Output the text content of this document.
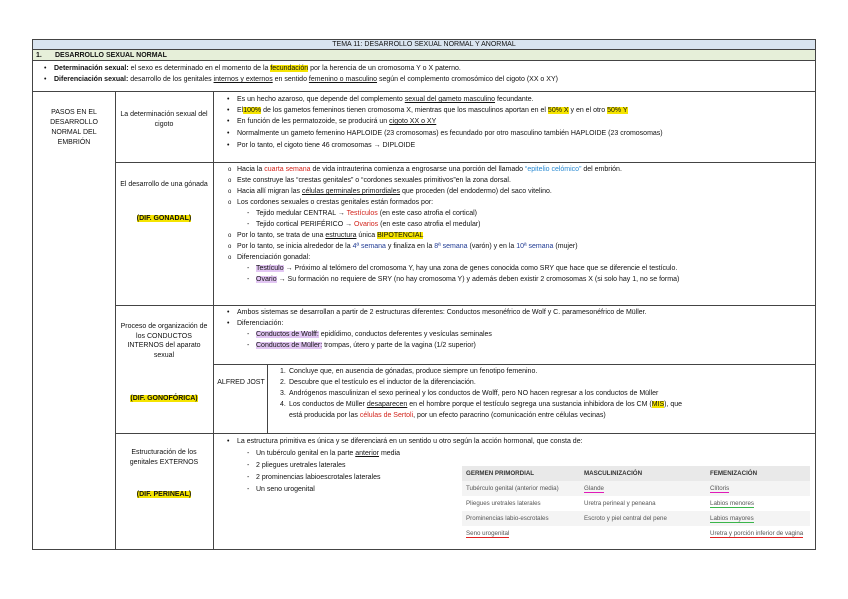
TEMA 11: DESARROLLO SEXUAL NORMAL Y ANORMAL
1. DESARROLLO SEXUAL NORMAL
• Determinación sexual: el sexo es determinado en el momento de la fecundación por la herencia de un cromosoma Y o X paterno.
• Diferenciación sexual: desarrollo de los genitales internos y externos en sentido femenino o masculino según el complemento cromosómico del cigoto (XX o XY)
PASOS EN EL DESARROLLO NORMAL DEL EMBRIÓN
La determinación sexual del cigoto
• Es un hecho azaroso, que depende del complemento sexual del gameto masculino fecundante.
• El100% de los gametos femeninos tienen cromosoma X, mientras que los masculinos aportan en el 50% X y en el otro 50% Y
• En función de les permatozoide, se producirá un cigoto XX o XY
• Normalmente un gameto femenino HAPLOIDE (23 cromosomas) es fecundado por otro masculino también HAPLOIDE (23 cromosomas)
• Por lo tanto, el cigoto tiene 46 cromosomas → DIPLOIDE
El desarrollo de una gónada
(DIF. GONADAL)
o Hacia la cuarta semana de vida intrauterina comienza a engrosarse una porción del llamado “epitelio celómico” del embrión.
o Este construye las “crestas genitales” o “cordones sexuales primitivos”en la zona dorsal.
o Hacia allí migran las células germinales primordiales que proceden (del endodermo) del saco vitelino.
o Los cordones sexuales o crestas genitales están formados por:
- Tejido medular CENTRAL → Testículos (en este caso atrofia el cortical)
- Tejido cortical PERIFÉRICO → Ovarios (en este caso atrofia el medular)
o Por lo tanto, se trata de una estructura única BIPOTENCIAL
o Por lo tanto, se inicia alrededor de la 4ª semana y finaliza en la 8ª semana (varón) y en la 10ª semana (mujer)
o Diferenciación gonadal:
- Testículo → Próximo al telómero del cromosoma Y, hay una zona de genes conocida como SRY que hace que se diferencie el testículo.
- Ovario → Su formación no requiere de SRY (no hay cromosoma Y) y además deben existir 2 cromosomas X (si solo hay 1, no se forma)
Proceso de organización de los CONDUCTOS INTERNOS del aparato sexual
(DIF. GONOFÓRICA)
• Ambos sistemas se desarrollan a partir de 2 estructuras diferentes: Conductos mesonéfrico de Wolf y C. paramesonéfrico de Müller.
• Diferenciación:
- Conductos de Wolff: epidídimo, conductos deferentes y vesículas seminales
- Conductos de Müller: trompas, útero y parte de la vagina (1/2 superior)
ALFRED JOST
1. Concluye que, en ausencia de gónadas, produce siempre un fenotipo femenino.
2. Descubre que el testículo es el inductor de la diferenciación.
3. Andrógenos masculinizan el sexo perineal y los conductos de Wolff, pero NO hacen regresar a los conductos de Müller
4. Los conductos de Müller desaparecen en el hombre porque el testículo segrega una sustancia inhibidora de los CM (MIS), que
está producida por las células de Sertoli, por un efecto paracrino (comunicación entre células vecinas)
Estructuración de los genitales EXTERNOS
(DIF. PERINEAL)
• La estructura primitiva es única y se diferenciará en un sentido u otro según la acción hormonal, que consta de:
- Un tubérculo genital en la parte anterior media
- 2 pliegues uretrales laterales
- 2 prominencias labioescrotales laterales
- Un seno urogenital
GERMEN PRIMORDIAL	MASCULINIZACIÓN	FEMENIZACIÓN
Tubérculo genital (anterior media)	Glande	Clítoris
Pliegues uretrales laterales	Uretra perineal y peneana	Labios menores
Prominencias labio-escrotales	Escroto y piel central del pene	Labios mayores
Seno urogenital		Uretra y porción inferior de vagina
